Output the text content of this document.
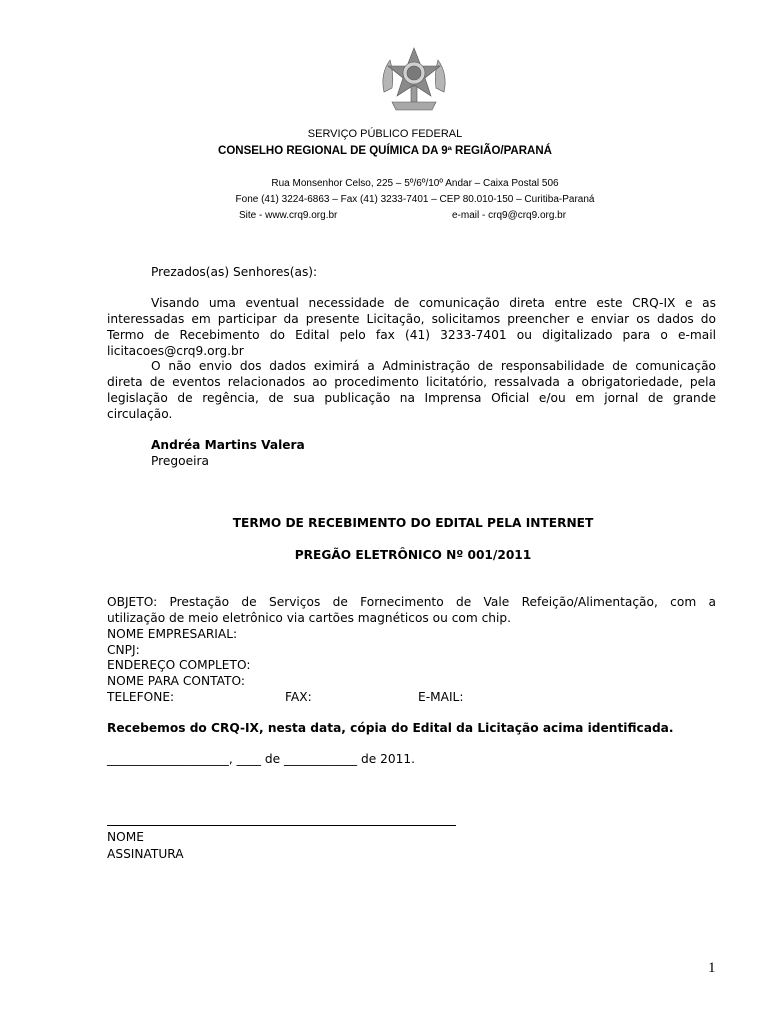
SERVIÇO PÚBLICO FEDERAL
CONSELHO REGIONAL DE QUÍMICA DA 9ª REGIÃO/PARANÁ
Rua Monsenhor Celso, 225 – 5º/6º/10º Andar – Caixa Postal 506
Fone (41) 3224-6863 – Fax (41) 3233-7401 – CEP 80.010-150 – Curitiba-Paraná
Site - www.crq9.org.br	e-mail - crq9@crq9.org.br
Prezados(as) Senhores(as):
Visando uma eventual necessidade de comunicação direta entre este CRQ-IX e as
interessadas em participar da presente Licitação, solicitamos preencher e enviar os dados do
Termo de Recebimento do Edital pelo fax (41) 3233-7401 ou digitalizado para o e-mail
licitacoes@crq9.org.br
O não envio dos dados eximirá a Administração de responsabilidade de comunicação
direta de eventos relacionados ao procedimento licitatório, ressalvada a obrigatoriedade, pela
legislação de regência, de sua publicação na Imprensa Oficial e/ou em jornal de grande
circulação.
Andréa Martins Valera
Pregoeira
TERMO DE RECEBIMENTO DO EDITAL PELA INTERNET
PREGÃO ELETRÔNICO Nº 001/2011
OBJETO: Prestação de Serviços de Fornecimento de Vale Refeição/Alimentação, com a
utilização de meio eletrônico via cartões magnéticos ou com chip.
NOME EMPRESARIAL:
CNPJ:
ENDEREÇO COMPLETO:
NOME PARA CONTATO:
TELEFONE:	FAX:	E-MAIL:
Recebemos do CRQ-IX, nesta data, cópia do Edital da Licitação acima identificada.
____________________, ____ de ____________ de 2011.
NOME
ASSINATURA
1
